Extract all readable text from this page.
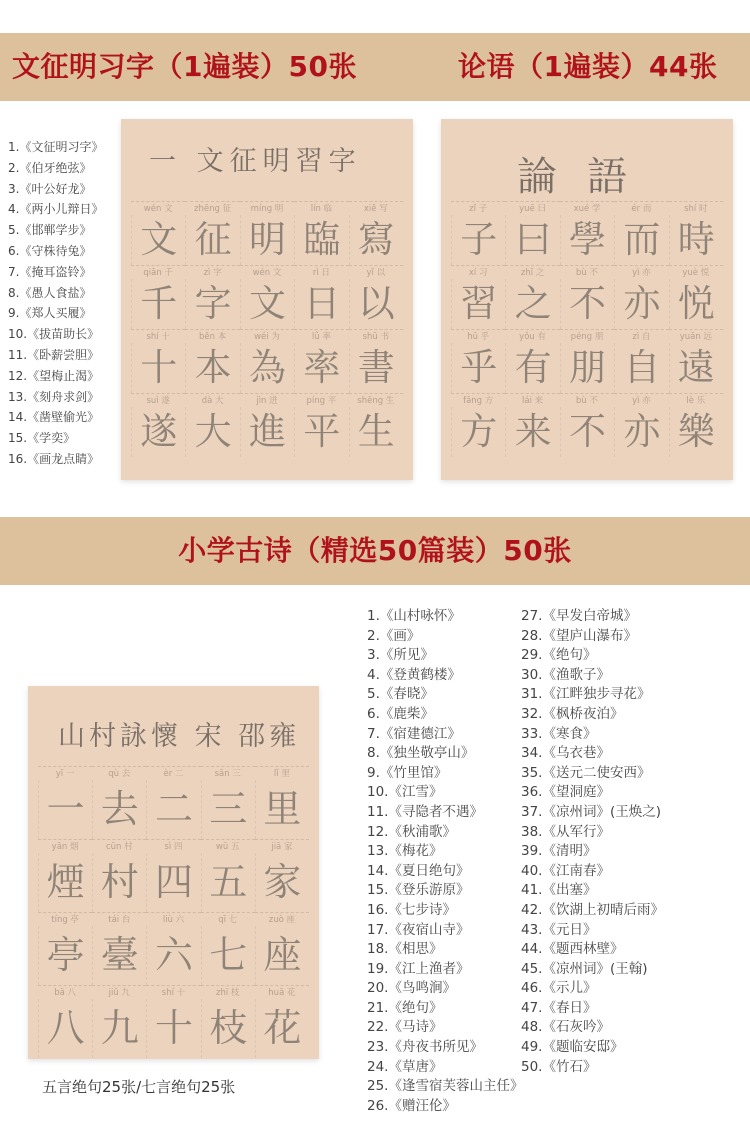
文征明习字（1遍装）50张	论语（1遍装）44张
1.《文征明习字》
2.《伯牙绝弦》
3.《叶公好龙》
4.《两小儿辩日》
5.《邯郸学步》
6.《守株待兔》
7.《掩耳盗铃》
8.《愚人食盐》
9.《郑人买履》
10.《拔苗助长》
11.《卧薪尝胆》
12.《望梅止渴》
13.《刻舟求剑》
14.《凿壁偷光》
15.《学奕》
16.《画龙点睛》
一 文征明習字
wén 文
文
zhēng 征
征
míng 明
明
lín 临
臨
xiě 写
寫
qiān 千
千
zì 字
字
wén 文
文
rì 日
日
yǐ 以
以
shí 十
十
běn 本
本
wéi 为
為
lǜ 率
率
shū 书
書
suì 遂
遂
dà 大
大
jìn 进
進
píng 平
平
shēng 生
生
論語
zǐ 子
子
yuē 曰
曰
xué 学
學
ér 而
而
shí 时
時
xí 习
習
zhī 之
之
bù 不
不
yì 亦
亦
yuè 悦
悦
hū 乎
乎
yǒu 有
有
péng 朋
朋
zì 自
自
yuǎn 远
遠
fāng 方
方
lái 来
来
bù 不
不
yì 亦
亦
lè 乐
樂
小学古诗（精选50篇装）50张
山村詠懷 宋 邵雍
yī 一
一
qù 去
去
èr 二
二
sān 三
三
lǐ 里
里
yān 烟
煙
cūn 村
村
sì 四
四
wǔ 五
五
jiā 家
家
tíng 亭
亭
tái 台
臺
liù 六
六
qī 七
七
zuò 座
座
bā 八
八
jiǔ 九
九
shí 十
十
zhī 枝
枝
huā 花
花
五言绝句25张/七言绝句25张
1.《山村咏怀》
2.《画》
3.《所见》
4.《登黄鹤楼》
5.《春晓》
6.《鹿柴》
7.《宿建德江》
8.《独坐敬亭山》
9.《竹里馆》
10.《江雪》
11.《寻隐者不遇》
12.《秋浦歌》
13.《梅花》
14.《夏日绝句》
15.《登乐游原》
16.《七步诗》
17.《夜宿山寺》
18.《相思》
19.《江上渔者》
20.《鸟鸣涧》
21.《绝句》
22.《马诗》
23.《舟夜书所见》
24.《草唐》
25.《逢雪宿芙蓉山主任》
26.《赠汪伦》
27.《早发白帝城》
28.《望庐山瀑布》
29.《绝句》
30.《渔歌子》
31.《江畔独步寻花》
32.《枫桥夜泊》
33.《寒食》
34.《乌衣巷》
35.《送元二使安西》
36.《望洞庭》
37.《凉州词》(王焕之)
38.《从军行》
39.《清明》
40.《江南春》
41.《出塞》
42.《饮湖上初晴后雨》
43.《元日》
44.《题西林壁》
45.《凉州词》(王翰)
46.《示儿》
47.《春日》
48.《石灰吟》
49.《题临安邸》
50.《竹石》
